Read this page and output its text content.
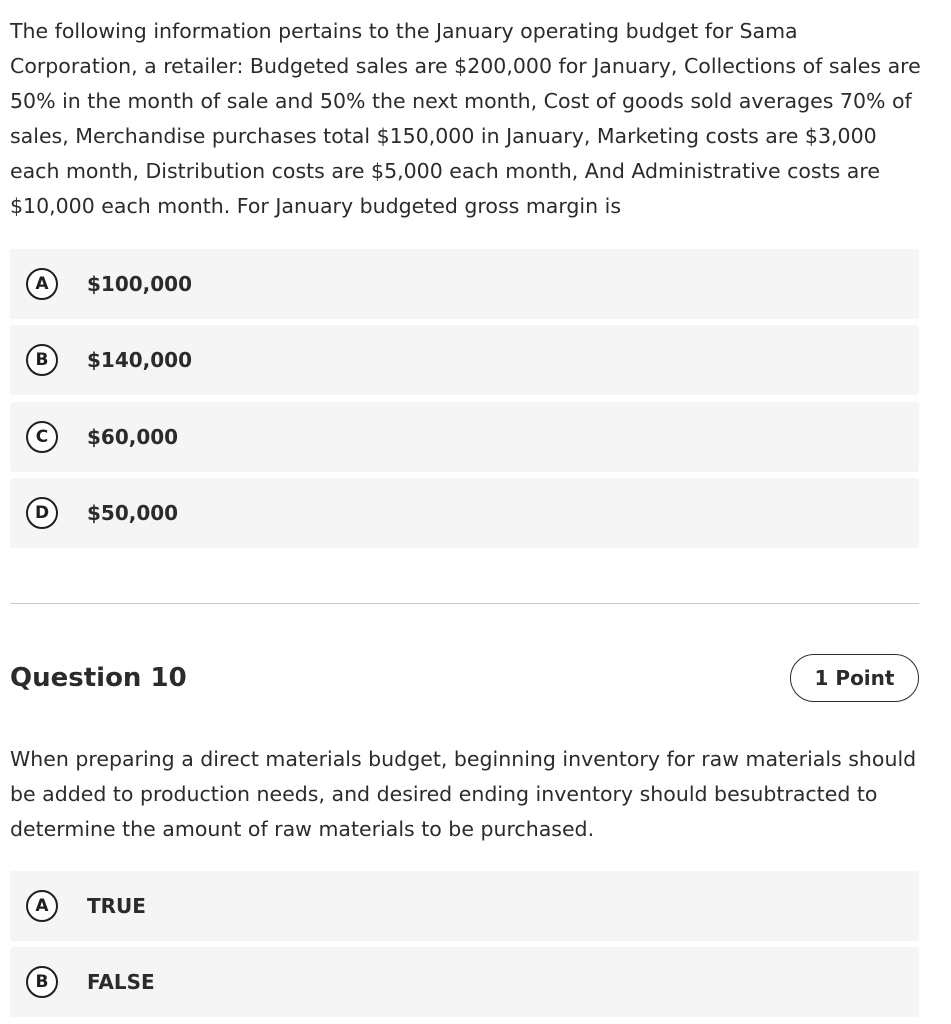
The following information pertains to the January operating budget for Sama Corporation, a retailer: Budgeted sales are $200,000 for January, Collections of sales are 50% in the month of sale and 50% the next month, Cost of goods sold averages 70% of sales, Merchandise purchases total $150,000 in January, Marketing costs are $3,000 each month, Distribution costs are $5,000 each month, And Administrative costs are $10,000 each month. For January budgeted gross margin is
A	$100,000
B	$140,000
C	$60,000
D	$50,000
Question 10	1 Point
When preparing a direct materials budget, beginning inventory for raw materials should be added to production needs, and desired ending inventory should besubtracted to determine the amount of raw materials to be purchased.
A	TRUE
B	FALSE
